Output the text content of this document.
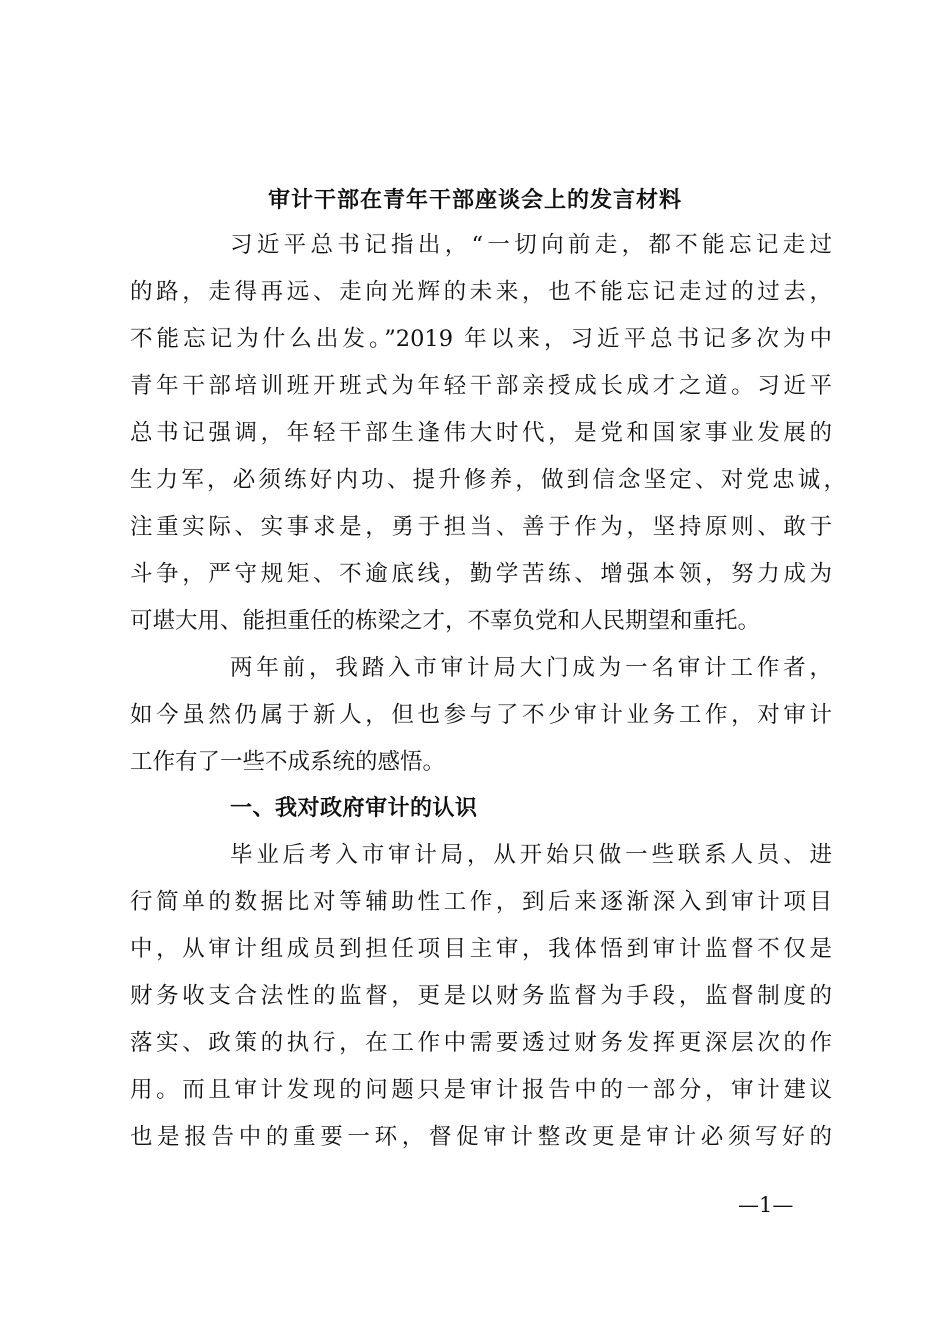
审计干部在青年干部座谈会上的发言材料
习近平总书记指出，“一切向前走，都不能忘记走过
的路，走得再远、走向光辉的未来，也不能忘记走过的过去，
不能忘记为什么出发。”2019 年以来，习近平总书记多次为中
青年干部培训班开班式为年轻干部亲授成长成才之道。习近平
总书记强调，年轻干部生逢伟大时代，是党和国家事业发展的
生力军，必须练好内功、提升修养，做到信念坚定、对党忠诚，
注重实际、实事求是，勇于担当、善于作为，坚持原则、敢于
斗争，严守规矩、不逾底线，勤学苦练、增强本领，努力成为
可堪大用、能担重任的栋梁之才，不辜负党和人民期望和重托。
两年前，我踏入市审计局大门成为一名审计工作者，
如今虽然仍属于新人，但也参与了不少审计业务工作，对审计
工作有了一些不成系统的感悟。
一、我对政府审计的认识
毕业后考入市审计局，从开始只做一些联系人员、进
行简单的数据比对等辅助性工作，到后来逐渐深入到审计项目
中，从审计组成员到担任项目主审，我体悟到审计监督不仅是
财务收支合法性的监督，更是以财务监督为手段，监督制度的
落实、政策的执行，在工作中需要透过财务发挥更深层次的作
用。而且审计发现的问题只是审计报告中的一部分，审计建议
也是报告中的重要一环，督促审计整改更是审计必须写好的
—1—
